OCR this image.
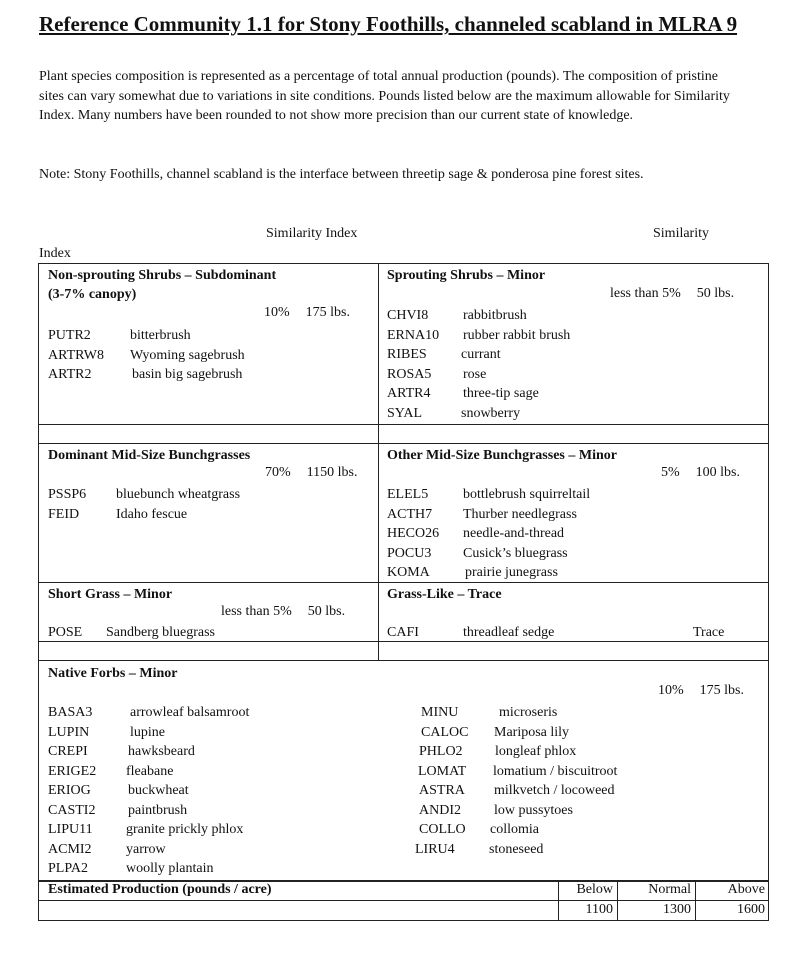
Reference Community 1.1 for Stony Foothills, channeled scabland in MLRA 9
Plant species composition is represented as a percentage of total annual production (pounds). The composition of pristine sites can vary somewhat due to variations in site conditions. Pounds listed below are the maximum allowable for Similarity Index. Many numbers have been rounded to not show more precision than our current state of knowledge.
Note: Stony Foothills, channel scabland is the interface between threetip sage & ponderosa pine forest sites.
Similarity Index	Similarity
Index
Non-sprouting Shrubs – Subdominant
(3-7% canopy)
10% 175 lbs.
PUTR2	bitterbrush
ARTRW8	Wyoming sagebrush
ARTR2	basin big sagebrush
Sprouting Shrubs – Minor
less than 5% 50 lbs.
CHVI8	rabbitbrush
ERNA10	rubber rabbit brush
RIBES	currant
ROSA5	rose
ARTR4	three-tip sage
SYAL	snowberry
Dominant Mid-Size Bunchgrasses
70% 1150 lbs.
PSSP6	bluebunch wheatgrass
FEID	Idaho fescue
Other Mid-Size Bunchgrasses – Minor
5% 100 lbs.
ELEL5	bottlebrush squirreltail
ACTH7	Thurber needlegrass
HECO26	needle-and-thread
POCU3	Cusick’s bluegrass
KOMA	prairie junegrass
Short Grass – Minor
less than 5% 50 lbs.
POSE	Sandberg bluegrass
Grass-Like – Trace
CAFI	threadleaf sedge	Trace
Native Forbs – Minor
10% 175 lbs.
BASA3	arrowleaf balsamroot
LUPIN	lupine
CREPI	hawksbeard
ERIGE2	fleabane
ERIOG	buckwheat
CASTI2	paintbrush
LIPU11	granite prickly phlox
ACMI2	yarrow
PLPA2	woolly plantain
MINU	microseris
CALOC	Mariposa lily
PHLO2	longleaf phlox
LOMAT	lomatium / biscuitroot
ASTRA	milkvetch / locoweed
ANDI2	low pussytoes
COLLO	collomia
LIRU4	stoneseed
Estimated Production (pounds / acre)	Below	Normal	Above
1100	1300	1600
